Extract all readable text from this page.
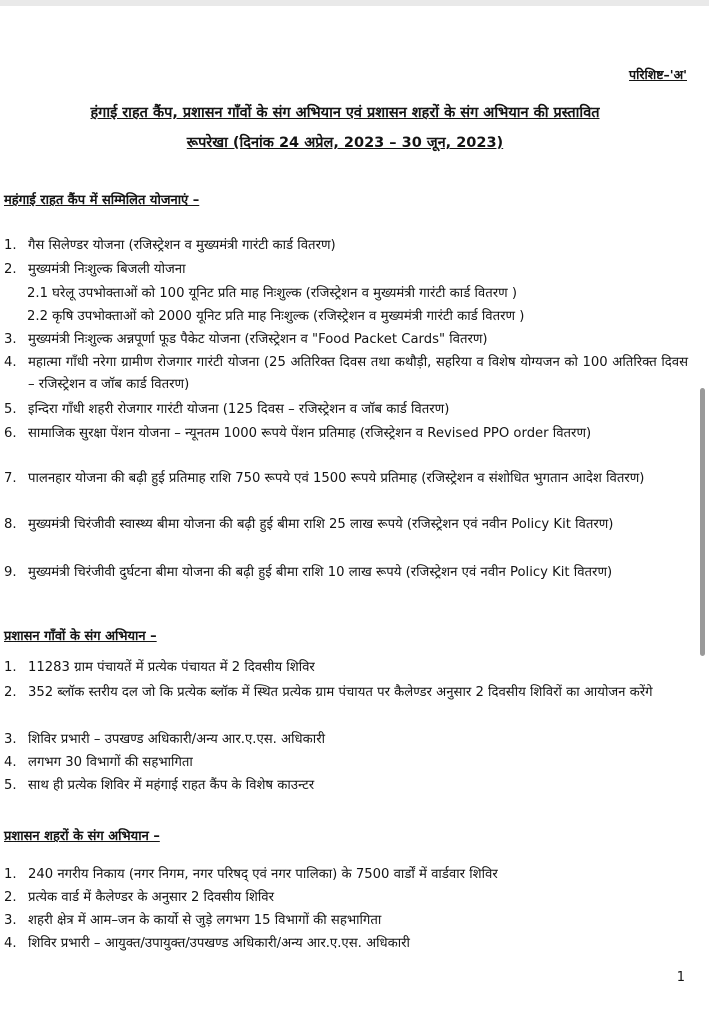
परिशिष्ट–'अ'
हंगाई राहत कैंप, प्रशासन गाँवों के संग अभियान एवं प्रशासन शहरों के संग अभियान की प्रस्तावित
रूपरेखा (दिनांक 24 अप्रेल, 2023 – 30 जून, 2023)
महंगाई राहत कैंप में सम्मिलित योजनाएं –
1. गैस सिलेण्डर योजना (रजिस्ट्रेशन व मुख्यमंत्री गारंटी कार्ड वितरण)
2. मुख्यमंत्री निःशुल्क बिजली योजना
2.1 घरेलू उपभोक्ताओं को 100 यूनिट प्रति माह निःशुल्क (रजिस्ट्रेशन व मुख्यमंत्री गारंटी कार्ड वितरण )
2.2 कृषि उपभोक्ताओं को 2000 यूनिट प्रति माह निःशुल्क (रजिस्ट्रेशन व मुख्यमंत्री गारंटी कार्ड वितरण )
3. मुख्यमंत्री निःशुल्क अन्नपूर्णा फूड पैकेट योजना (रजिस्ट्रेशन व "Food Packet Cards" वितरण)
4. महात्मा गाँधी नरेगा ग्रामीण रोजगार गारंटी योजना (25 अतिरिक्त दिवस तथा कथौड़ी, सहरिया व विशेष योग्यजन को 100 अतिरिक्त दिवस – रजिस्ट्रेशन व जॉब कार्ड वितरण)
5. इन्दिरा गाँधी शहरी रोजगार गारंटी योजना (125 दिवस – रजिस्ट्रेशन व जॉब कार्ड वितरण)
6. सामाजिक सुरक्षा पेंशन योजना – न्यूनतम 1000 रूपये पेंशन प्रतिमाह (रजिस्ट्रेशन व Revised PPO order वितरण)
7. पालनहार योजना की बढ़ी हुई प्रतिमाह राशि 750 रूपये एवं 1500 रूपये प्रतिमाह (रजिस्ट्रेशन व संशोधित भुगतान आदेश वितरण)
8. मुख्यमंत्री चिरंजीवी स्वास्थ्य बीमा योजना की बढ़ी हुई बीमा राशि 25 लाख रूपये (रजिस्ट्रेशन एवं नवीन Policy Kit वितरण)
9. मुख्यमंत्री चिरंजीवी दुर्घटना बीमा योजना की बढ़ी हुई बीमा राशि 10 लाख रूपये (रजिस्ट्रेशन एवं नवीन Policy Kit वितरण)
प्रशासन गाँवों के संग अभियान –
1. 11283 ग्राम पंचायतें में प्रत्येक पंचायत में 2 दिवसीय शिविर
2. 352 ब्लॉक स्तरीय दल जो कि प्रत्येक ब्लॉक में स्थित प्रत्येक ग्राम पंचायत पर कैलेण्डर अनुसार 2 दिवसीय शिविरों का आयोजन करेंगे
3. शिविर प्रभारी – उपखण्ड अधिकारी/अन्य आर.ए.एस. अधिकारी
4. लगभग 30 विभागों की सहभागिता
5. साथ ही प्रत्येक शिविर में महंगाई राहत कैंप के विशेष काउन्टर
प्रशासन शहरों के संग अभियान –
1. 240 नगरीय निकाय (नगर निगम, नगर परिषद् एवं नगर पालिका) के 7500 वार्डों में वार्डवार शिविर
2. प्रत्येक वार्ड में कैलेण्डर के अनुसार 2 दिवसीय शिविर
3. शहरी क्षेत्र में आम–जन के कार्यो से जुड़े लगभग 15 विभागों की सहभागिता
4. शिविर प्रभारी – आयुक्त/उपायुक्त/उपखण्ड अधिकारी/अन्य आर.ए.एस. अधिकारी
1
